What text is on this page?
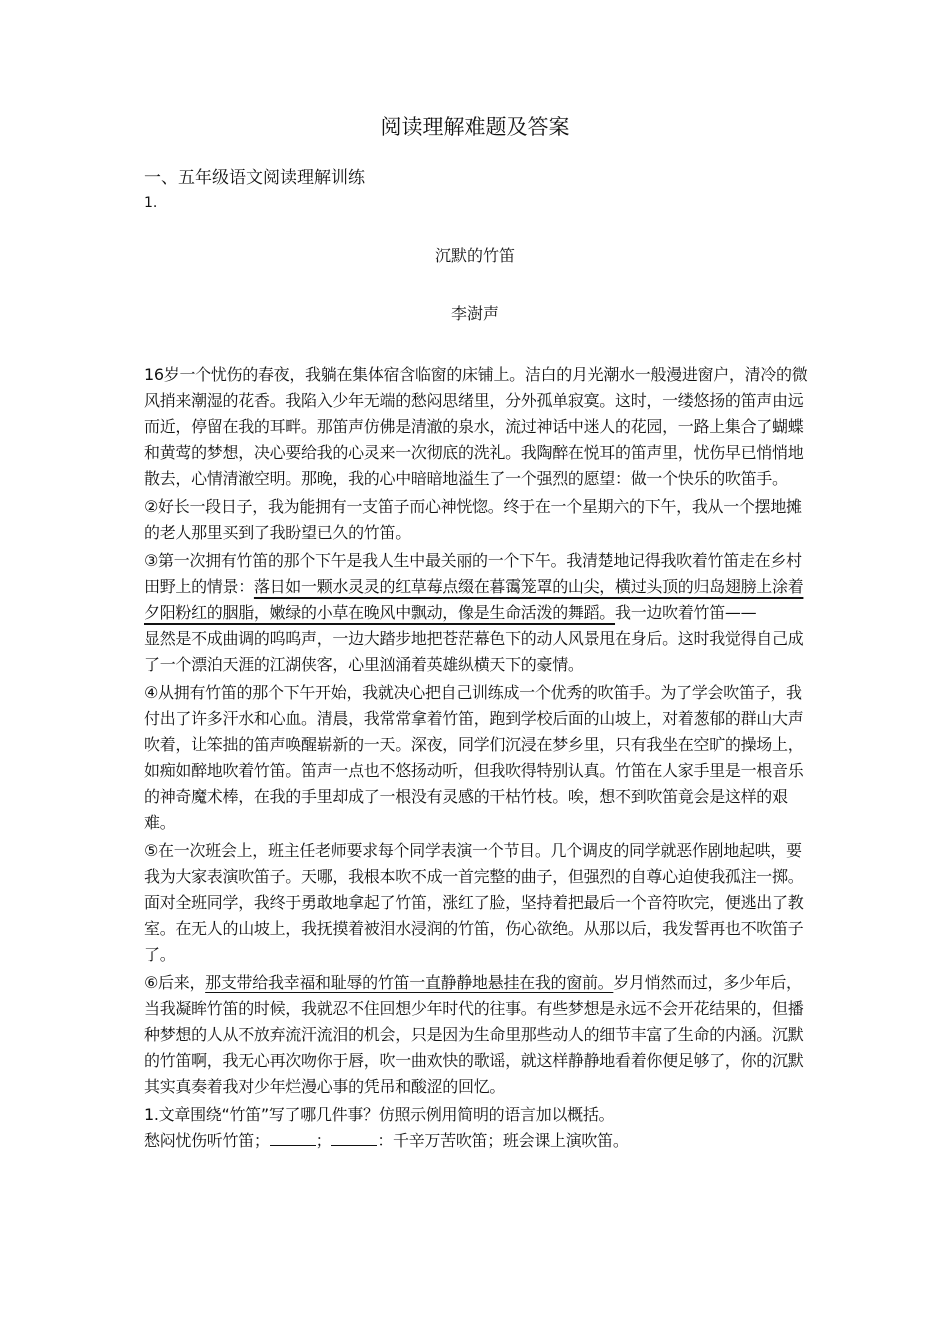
阅读理解难题及答案
一、五年级语文阅读理解训练
1.
沉默的竹笛
李澍声

16岁一个忧伤的春夜，我躺在集体宿含临窗的床铺上。洁白的月光潮水一般漫进窗户，清冷的微风捎来潮湿的花香。我陷入少年无端的愁闷思绪里，分外孤单寂寞。这时，一缕悠扬的笛声由远而近，停留在我的耳畔。那笛声仿佛是清澈的泉水，流过神话中迷人的花园，一路上集合了蝴蝶和黄莺的梦想，决心要给我的心灵来一次彻底的洗礼。我陶醉在悦耳的笛声里，忧伤早已悄悄地散去，心情清澈空明。那晚，我的心中暗暗地溢生了一个强烈的愿望：做一个快乐的吹笛手。

②好长一段日子，我为能拥有一支笛子而心神恍惚。终于在一个星期六的下午，我从一个摆地摊的老人那里买到了我盼望已久的竹笛。

③第一次拥有竹笛的那个下午是我人生中最关丽的一个下午。我清楚地记得我吹着竹笛走在乡村田野上的情景：落日如一颗水灵灵的红草莓点缀在暮霭笼罩的山尖，横过头顶的归岛翅膀上涂着夕阳粉红的胭脂，嫩绿的小草在晚风中飘动，像是生命活泼的舞蹈。我一边吹着竹笛——

显然是不成曲调的呜呜声，一边大踏步地把苍茫幕色下的动人风景甩在身后。这时我觉得自己成了一个漂泊天涯的江湖侠客，心里汹涌着英雄纵横天下的豪情。

④从拥有竹笛的那个下午开始，我就决心把自己训练成一个优秀的吹笛手。为了学会吹笛子，我付出了许多汗水和心血。清晨，我常常拿着竹笛，跑到学校后面的山坡上，对着葱郁的群山大声吹着，让笨拙的笛声唤醒崭新的一天。深夜，同学们沉浸在梦乡里，只有我坐在空旷的操场上，如痴如醉地吹着竹笛。笛声一点也不悠扬动听，但我吹得特别认真。竹笛在人家手里是一根音乐的神奇魔术棒，在我的手里却成了一根没有灵感的干枯竹枝。唉，想不到吹笛竟会是这样的艰难。

⑤在一次班会上，班主任老师要求每个同学表演一个节目。几个调皮的同学就恶作剧地起哄，要我为大家表演吹笛子。天哪，我根本吹不成一首完整的曲子，但强烈的自尊心迫使我孤注一掷。面对全班同学，我终于勇敢地拿起了竹笛，涨红了脸，坚持着把最后一个音符吹完，便逃出了教室。在无人的山坡上，我抚摸着被泪水浸润的竹笛，伤心欲绝。从那以后，我发誓再也不吹笛子了。

⑥后来，那支带给我幸福和耻辱的竹笛一直静静地悬挂在我的窗前。岁月悄然而过，多少年后，当我凝眸竹笛的时候，我就忍不住回想少年时代的往事。有些梦想是永远不会开花结果的，但播种梦想的人从不放弃流汗流泪的机会，只是因为生命里那些动人的细节丰富了生命的内涵。沉默的竹笛啊，我无心再次吻你于唇，吹一曲欢快的歌谣，就这样静静地看着你便足够了，你的沉默其实真奏着我对少年烂漫心事的凭吊和酸涩的回忆。

1.文章围绕“竹笛”写了哪几件事？仿照示例用简明的语言加以概括。

愁闷忧伤听竹笛；	；	：千辛万苦吹笛；班会课上演吹笛。
